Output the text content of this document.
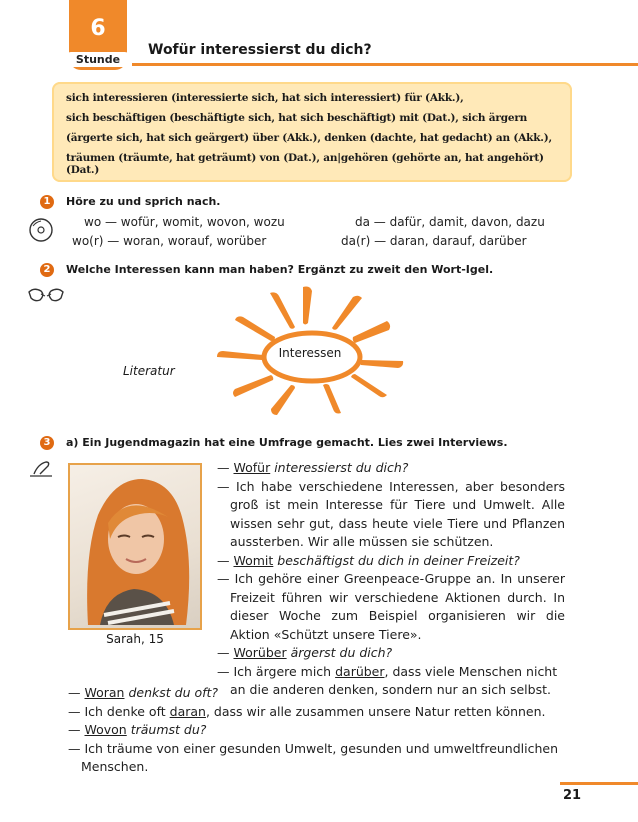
6
Stunde
Wofür interessierst du dich?
sich interessieren (interessierte sich, hat sich interessiert) für (Akk.),
sich beschäftigen (beschäftigte sich, hat sich beschäftigt) mit (Dat.), sich ärgern
(ärgerte sich, hat sich geärgert) über (Akk.), denken (dachte, hat gedacht) an (Akk.),
träumen (träumte, hat geträumt) von (Dat.), an|gehören (gehörte an, hat angehört) (Dat.)
1	Höre zu und sprich nach.
wo — wofür, womit, wovon, wozu	da — dafür, damit, davon, dazu
wo(r) — woran, worauf, worüber	da(r) — daran, darauf, darüber
2	Welche Interessen kann man haben? Ergänzt zu zweit den Wort-Igel.
Interessen
Literatur
3	a) Ein Jugendmagazin hat eine Umfrage gemacht. Lies zwei Interviews.
Sarah, 15
— Wofür interessierst du dich?
— Ich habe verschiedene Interessen, aber besonders groß ist mein Interesse für Tiere und Umwelt. Alle wissen sehr gut, dass heute viele Tiere und Pflanzen aussterben. Wir alle müssen sie schützen.
— Womit beschäftigst du dich in deiner Freizeit?
— Ich gehöre einer Greenpeace-Gruppe an. In unserer Freizeit führen wir verschiedene Aktionen durch. In dieser Woche zum Beispiel organisieren wir die Aktion «Schützt unsere Tiere».
— Worüber ärgerst du dich?
— Ich ärgere mich darüber, dass viele Menschen nicht an die anderen denken, sondern nur an sich selbst.
— Woran denkst du oft?
— Ich denke oft daran, dass wir alle zusammen unsere Natur retten können.
— Wovon träumst du?
— Ich träume von einer gesunden Umwelt, gesunden und umweltfreundlichen Menschen.
21
